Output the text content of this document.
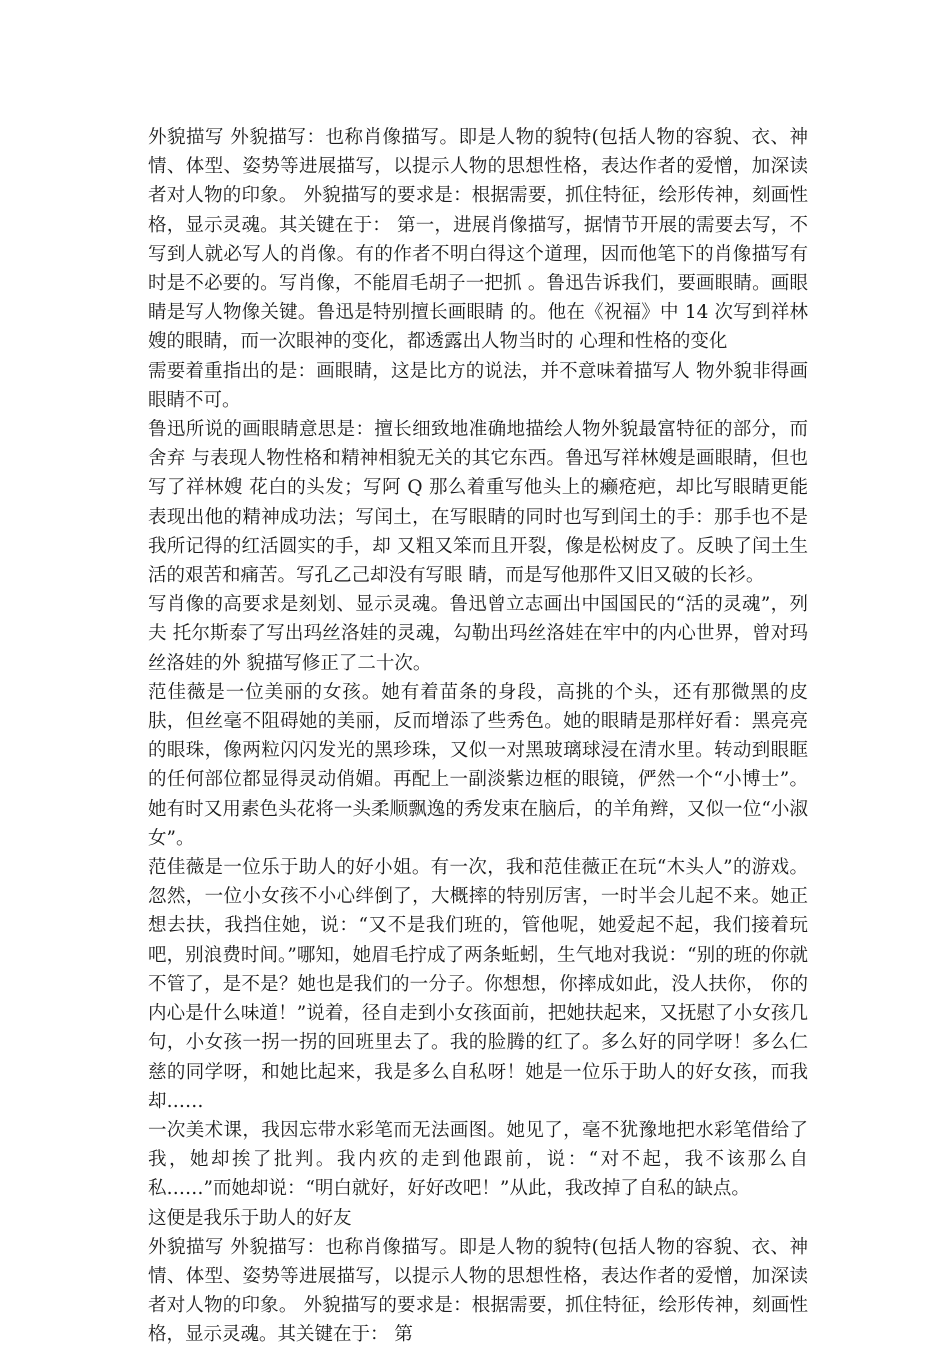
外貌描写 外貌描写：也称肖像描写。即是人物的貌特(包括人物的容貌、衣、神情、体型、姿势等进展描写，以提示人物的思想性格，表达作者的爱憎，加深读者对人物的印象。 外貌描写的要求是：根据需要，抓住特征，绘形传神，刻画性格，显示灵魂。其关键在于： 第一，进展肖像描写，据情节开展的需要去写，不写到人就必写人的肖像。有的作者不明白得这个道理，因而他笔下的肖像描写有时是不必要的。写肖像，不能眉毛胡子一把抓 。鲁迅告诉我们，要画眼睛。画眼睛是写人物像关键。鲁迅是特别擅长画眼睛 的。他在《祝福》中 14 次写到祥林嫂的眼睛，而一次眼神的变化，都透露出人物当时的 心理和性格的变化

需要着重指出的是：画眼睛，这是比方的说法，并不意味着描写人 物外貌非得画眼睛不可。

鲁迅所说的画眼睛意思是：擅长细致地准确地描绘人物外貌最富特征的部分，而舍弃 与表现人物性格和精神相貌无关的其它东西。鲁迅写祥林嫂是画眼睛，但也写了祥林嫂 花白的头发；写阿 Q 那么着重写他头上的癞疮疤，却比写眼睛更能表现出他的精神成功法；写闰土，在写眼睛的同时也写到闰土的手：那手也不是我所记得的红活圆实的手，却 又粗又笨而且开裂，像是松树皮了。反映了闰土生活的艰苦和痛苦。写孔乙己却没有写眼 睛，而是写他那件又旧又破的长衫。

写肖像的高要求是刻划、显示灵魂。鲁迅曾立志画出中国国民的“活的灵魂”，列夫 托尔斯泰了写出玛丝洛娃的灵魂，勾勒出玛丝洛娃在牢中的内心世界，曾对玛丝洛娃的外 貌描写修正了二十次。

范佳薇是一位美丽的女孩。她有着苗条的身段，高挑的个头，还有那微黑的皮肤，但丝毫不阻碍她的美丽，反而增添了些秀色。她的眼睛是那样好看：黑亮亮的眼珠，像两粒闪闪发光的黑珍珠，又似一对黑玻璃球浸在清水里。转动到眼眶的任何部位都显得灵动俏媚。再配上一副淡紫边框的眼镜，俨然一个“小博士”。她有时又用素色头花将一头柔顺飘逸的秀发束在脑后，的羊角辫，又似一位“小淑女”。

范佳薇是一位乐于助人的好小姐。有一次，我和范佳薇正在玩“木头人”的游戏。忽然，一位小女孩不小心绊倒了，大概摔的特别厉害，一时半会儿起不来。她正想去扶，我挡住她，说：“又不是我们班的，管他呢，她爱起不起，我们接着玩吧，别浪费时间。”哪知，她眉毛拧成了两条蚯蚓，生气地对我说：“别的班的你就不管了，是不是？她也是我们的一分子。你想想，你摔成如此，没人扶你， 你的内心是什么味道！”说着，径自走到小女孩面前，把她扶起来，又抚慰了小女孩几句，小女孩一拐一拐的回班里去了。我的脸腾的红了。多么好的同学呀！多么仁慈的同学呀，和她比起来，我是多么自私呀！她是一位乐于助人的好女孩，而我却……

一次美术课，我因忘带水彩笔而无法画图。她见了，毫不犹豫地把水彩笔借给了我，她却挨了批判。我内疚的走到他跟前，说：“对不起，我不该那么自私……”而她却说：“明白就好，好好改吧！”从此，我改掉了自私的缺点。

这便是我乐于助人的好友

外貌描写 外貌描写：也称肖像描写。即是人物的貌特(包括人物的容貌、衣、神情、体型、姿势等进展描写，以提示人物的思想性格，表达作者的爱憎，加深读者对人物的印象。 外貌描写的要求是：根据需要，抓住特征，绘形传神，刻画性格，显示灵魂。其关键在于： 第
